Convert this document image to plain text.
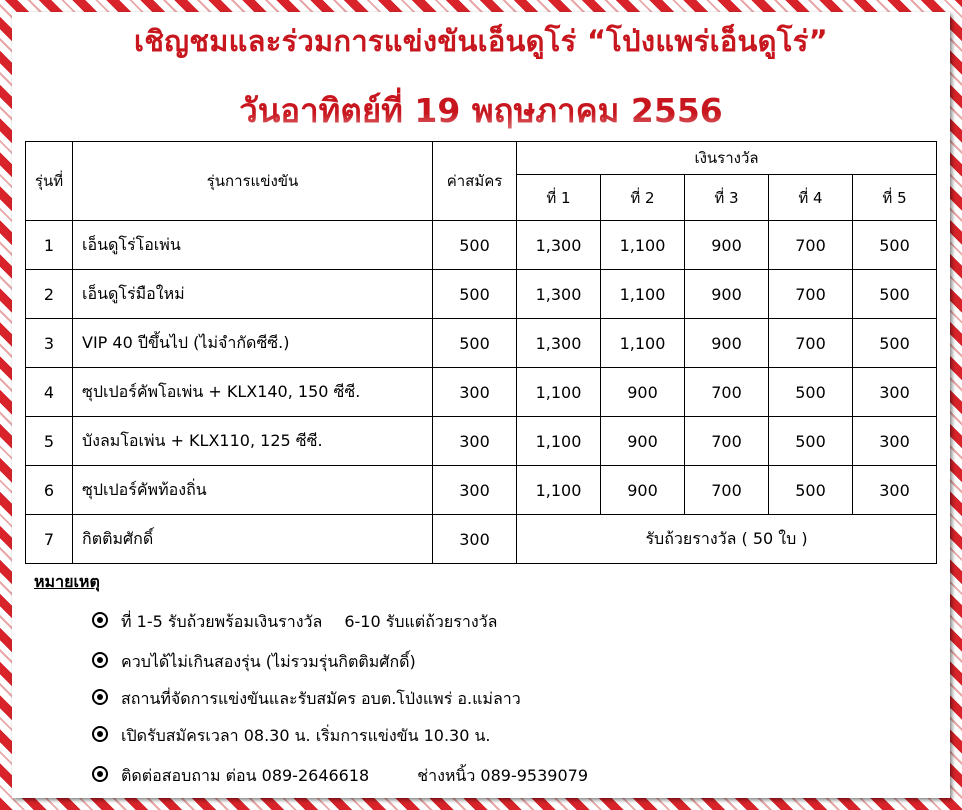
เชิญชมและร่วมการแข่งขันเอ็นดูโร่ “โป่งแพร่เอ็นดูโร่”
วันอาทิตย์ที่ 19 พฤษภาคม 2556
รุ่นที่	รุ่นการแข่งขัน	ค่าสมัคร	เงินรางวัล				
			ที่ 1	ที่ 2	ที่ 3	ที่ 4	ที่ 5
1	เอ็นดูโร่โอเพ่น	500	1,300	1,100	900	700	500
2	เอ็นดูโร่มือใหม่	500	1,300	1,100	900	700	500
3	VIP 40 ปีขึ้นไป (ไม่จำกัดซีซี.)	500	1,300	1,100	900	700	500
4	ซุปเปอร์คัพโอเพ่น + KLX140, 150 ซีซี.	300	1,100	900	700	500	300
5	บังลมโอเพ่น + KLX110, 125 ซีซี.	300	1,100	900	700	500	300
6	ซุปเปอร์คัพท้องถิ่น	300	1,100	900	700	500	300
7	กิตติมศักดิ์	300	รับถ้วยรางวัล ( 50 ใบ )				
หมายเหตุ
ที่ 1-5 รับถ้วยพร้อมเงินรางวัล 6-10 รับแต่ถ้วยรางวัล
ควบได้ไม่เกินสองรุ่น (ไม่รวมรุ่นกิตติมศักดิ์)
สถานที่จัดการแข่งขันและรับสมัคร อบต.โป่งแพร่ อ.แม่ลาว
เปิดรับสมัครเวลา 08.30 น. เริ่มการแข่งขัน 10.30 น.
ติดต่อสอบถาม ต่อน 089-2646618	ช่างหนิ้ว 089-9539079
